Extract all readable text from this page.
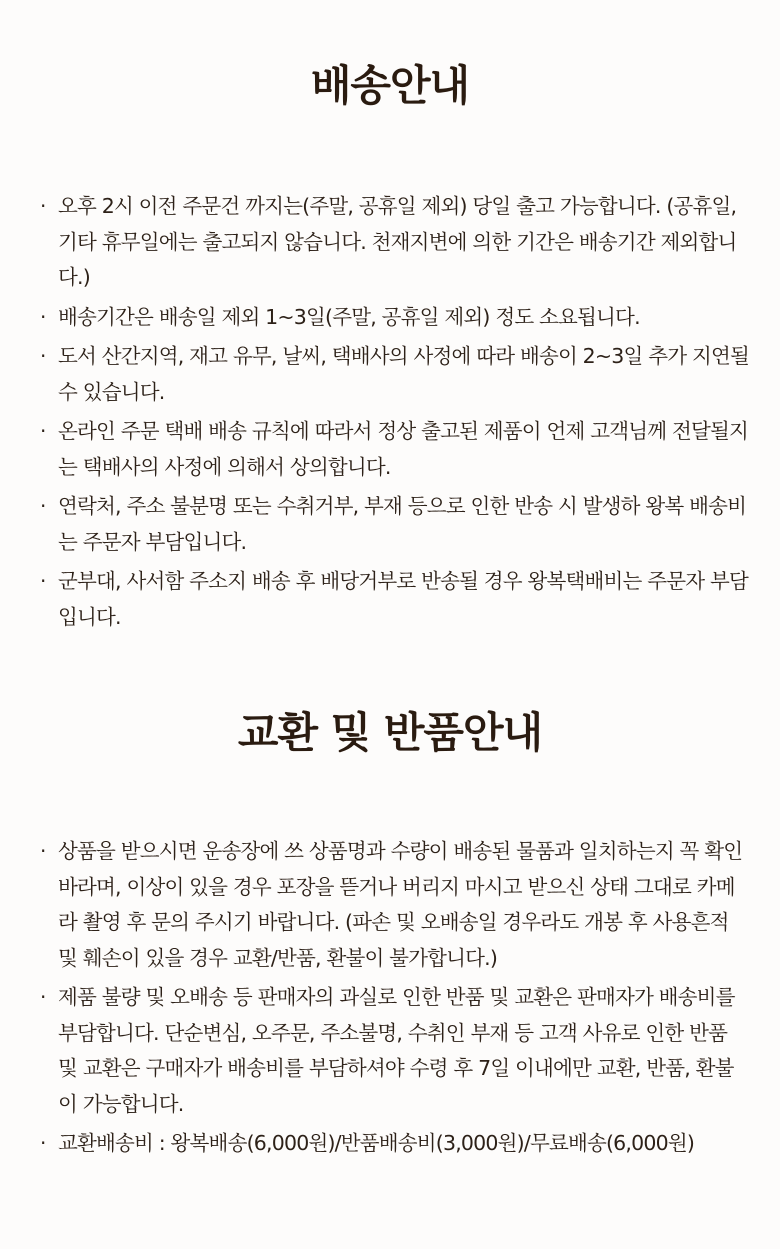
배송안내
· 오후 2시 이전 주문건 까지는(주말, 공휴일 제외) 당일 출고 가능합니다. (공휴일, 기타 휴무일에는 출고되지 않습니다. 천재지변에 의한 기간은 배송기간 제외합니다.)
· 배송기간은 배송일 제외 1~3일(주말, 공휴일 제외) 정도 소요됩니다.
· 도서 산간지역, 재고 유무, 날씨, 택배사의 사정에 따라 배송이 2~3일 추가 지연될 수 있습니다.
· 온라인 주문 택배 배송 규칙에 따라서 정상 출고된 제품이 언제 고객님께 전달될지는 택배사의 사정에 의해서 상의합니다.
· 연락처, 주소 불분명 또는 수취거부, 부재 등으로 인한 반송 시 발생하 왕복 배송비는 주문자 부담입니다.
· 군부대, 사서함 주소지 배송 후 배당거부로 반송될 경우 왕복택배비는 주문자 부담입니다.
교환 및 반품안내
· 상품을 받으시면 운송장에 쓰 상품명과 수량이 배송된 물품과 일치하는지 꼭 확인 바라며, 이상이 있을 경우 포장을 뜯거나 버리지 마시고 받으신 상태 그대로 카메라 촬영 후 문의 주시기 바랍니다. (파손 및 오배송일 경우라도 개봉 후 사용흔적 및 훼손이 있을 경우 교환/반품, 환불이 불가합니다.)
· 제품 불량 및 오배송 등 판매자의 과실로 인한 반품 및 교환은 판매자가 배송비를 부담합니다. 단순변심, 오주문, 주소불명, 수취인 부재 등 고객 사유로 인한 반품 및 교환은 구매자가 배송비를 부담하셔야 수령 후 7일 이내에만 교환, 반품, 환불이 가능합니다.
· 교환배송비 : 왕복배송(6,000원)/반품배송비(3,000원)/무료배송(6,000원)
